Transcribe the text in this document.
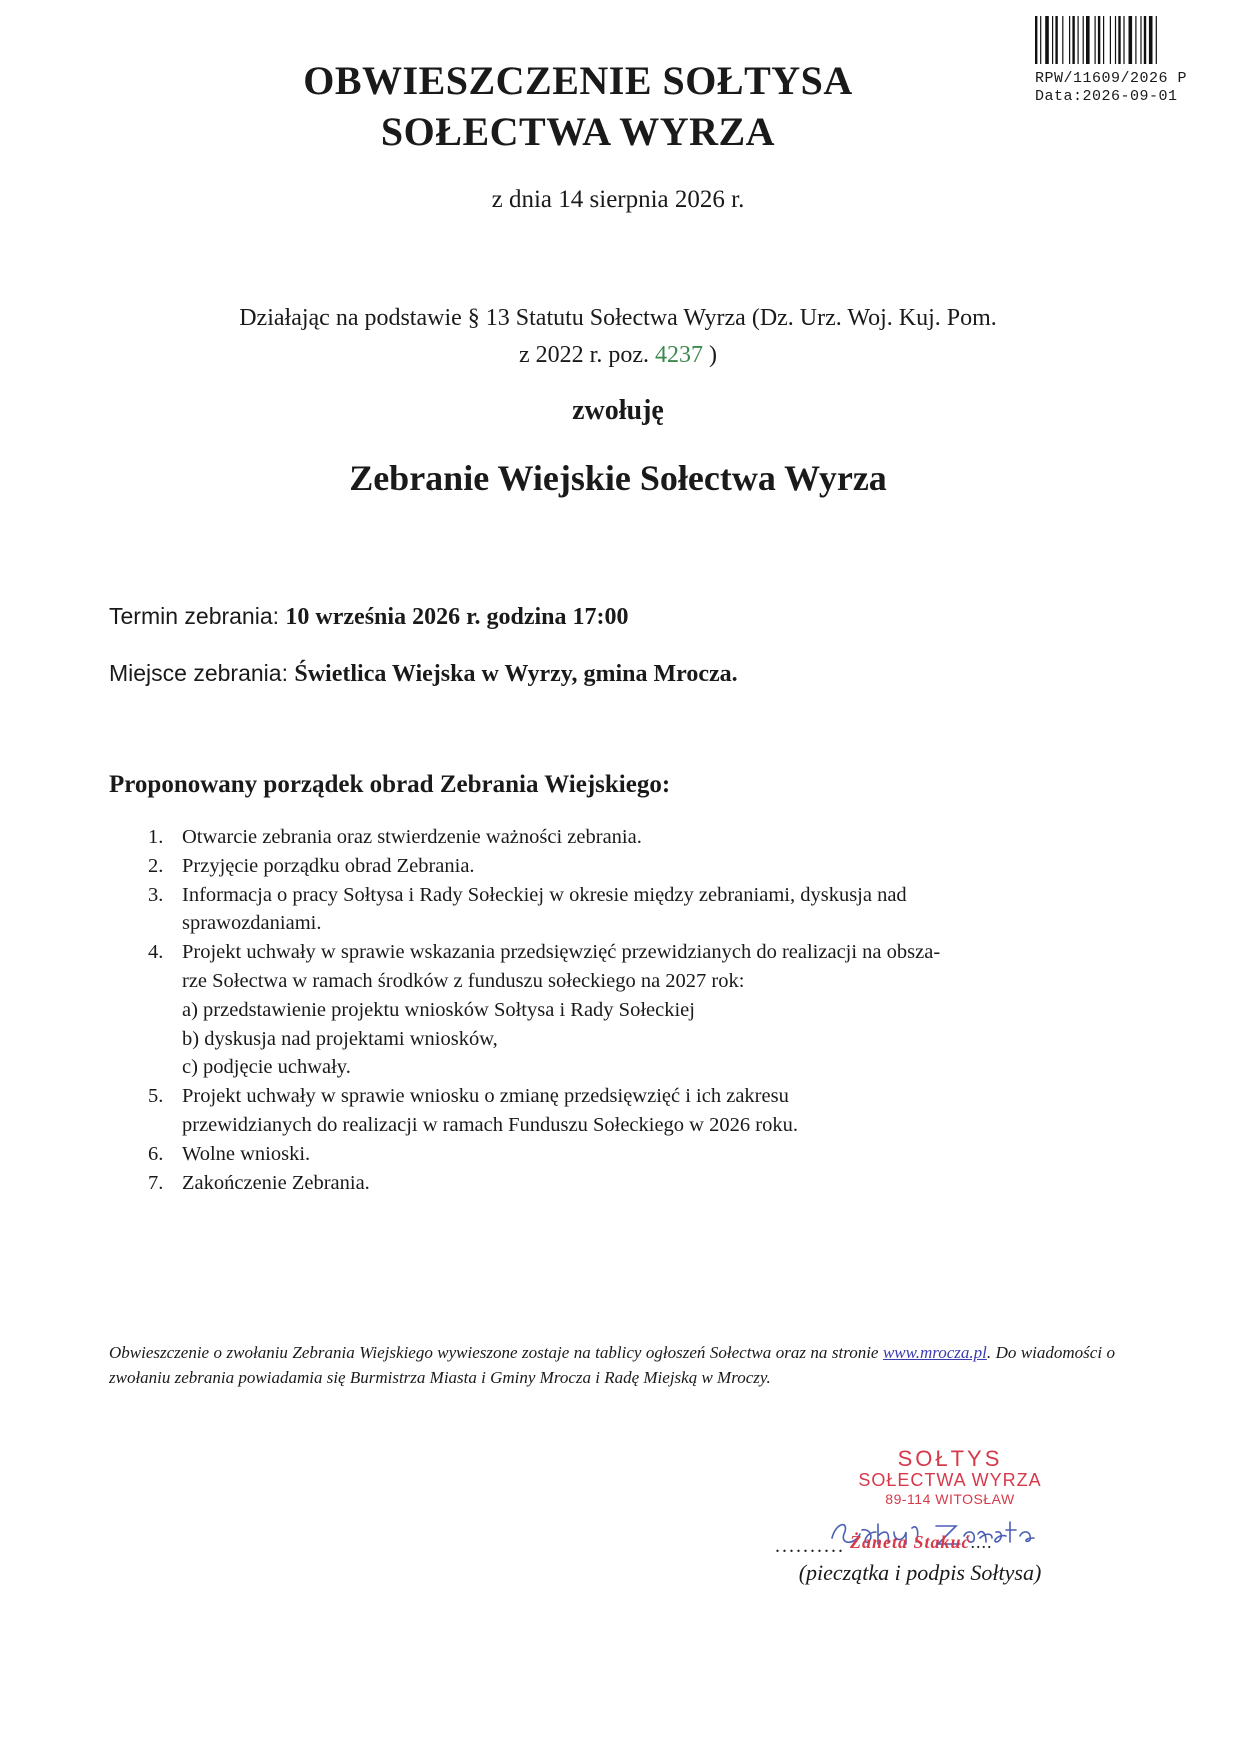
RPW/11609/2026 P
Data:2026-09-01
OBWIESZCZENIE SOŁTYSA
SOŁECTWA WYRZA
z dnia 14 sierpnia 2026 r.
Działając na podstawie § 13 Statutu Sołectwa Wyrza (Dz. Urz. Woj. Kuj. Pom.
z 2022 r. poz. 4237 )
zwołuję
Zebranie Wiejskie Sołectwa Wyrza
Termin zebrania: 10 września 2026 r. godzina 17:00
Miejsce zebrania: Świetlica Wiejska w Wyrzy, gmina Mrocza.
Proponowany porządek obrad Zebrania Wiejskiego:
1. Otwarcie zebrania oraz stwierdzenie ważności zebrania.
2. Przyjęcie porządku obrad Zebrania.
3. Informacja o pracy Sołtysa i Rady Sołeckiej w okresie między zebraniami, dyskusja nad
sprawozdaniami.
4. Projekt uchwały w sprawie wskazania przedsięwzięć przewidzianych do realizacji na obsza-
rze Sołectwa w ramach środków z funduszu sołeckiego na 2027 rok:
a) przedstawienie projektu wniosków Sołtysa i Rady Sołeckiej
b) dyskusja nad projektami wniosków,
c) podjęcie uchwały.
5. Projekt uchwały w sprawie wniosku o zmianę przedsięwzięć i ich zakresu
przewidzianych do realizacji w ramach Funduszu Sołeckiego w 2026 roku.
6. Wolne wnioski.
7. Zakończenie Zebrania.
Obwieszczenie o zwołaniu Zebrania Wiejskiego wywieszone zostaje na tablicy ogłoszeń Sołectwa oraz na stronie www.mrocza.pl. Do wiadomości o zwołaniu zebrania powiadamia się Burmistrza Miasta i Gminy Mrocza i Radę Miejską w Mroczy.
SOŁTYS
SOŁECTWA WYRZA
89-114 WITOSŁAW
.......... Żaneta Stakuć....
(pieczątka i podpis Sołtysa)
